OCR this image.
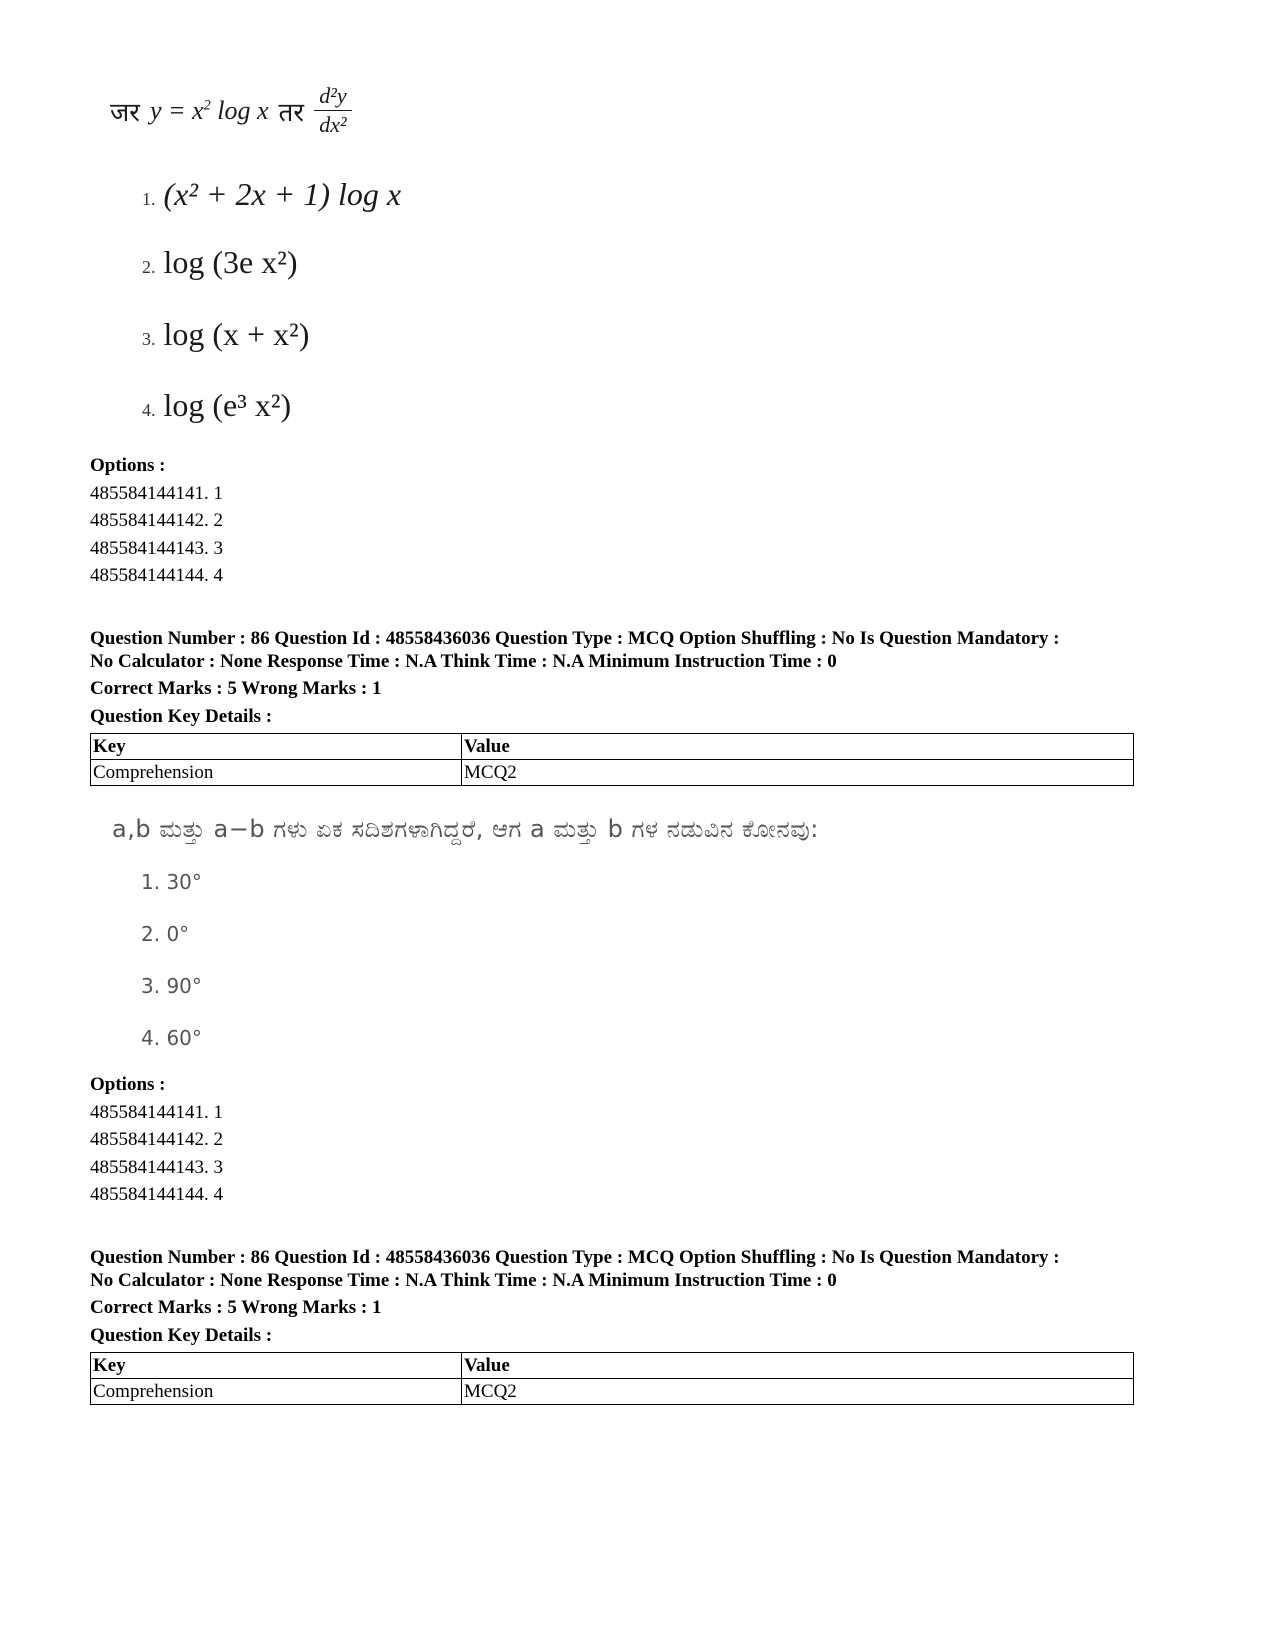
जर $y = x^2$ log x तर $\frac{\text{d²y}}{\text{dx²}}$
1. (x² + 2x + 1) log x
2. log (3e x²)
3. log (x + x²)
4. log (e³ x²)
Options :
485584144141. 1
485584144142. 2
485584144143. 3
485584144144. 4
Question Number : 86 Question Id : 48558436036 Question Type : MCQ Option Shuffling : No Is Question Mandatory :
No Calculator : None Response Time : N.A Think Time : N.A Minimum Instruction Time : 0
Correct Marks : 5 Wrong Marks : 1
Question Key Details :
Key	Value
Comprehension	MCQ2
a,b ಮತ್ತು a−b ಗಳು ಏಕ ಸದಿಶಗಳಾಗಿದ್ದರೆ, ಆಗ a ಮತ್ತು b ಗಳ ನಡುವಿನ ಕೋನವು:
1. 30°
2. 0°
3. 90°
4. 60°
Options :
485584144141. 1
485584144142. 2
485584144143. 3
485584144144. 4
Question Number : 86 Question Id : 48558436036 Question Type : MCQ Option Shuffling : No Is Question Mandatory :
No Calculator : None Response Time : N.A Think Time : N.A Minimum Instruction Time : 0
Correct Marks : 5 Wrong Marks : 1
Question Key Details :
Key	Value
Comprehension	MCQ2
